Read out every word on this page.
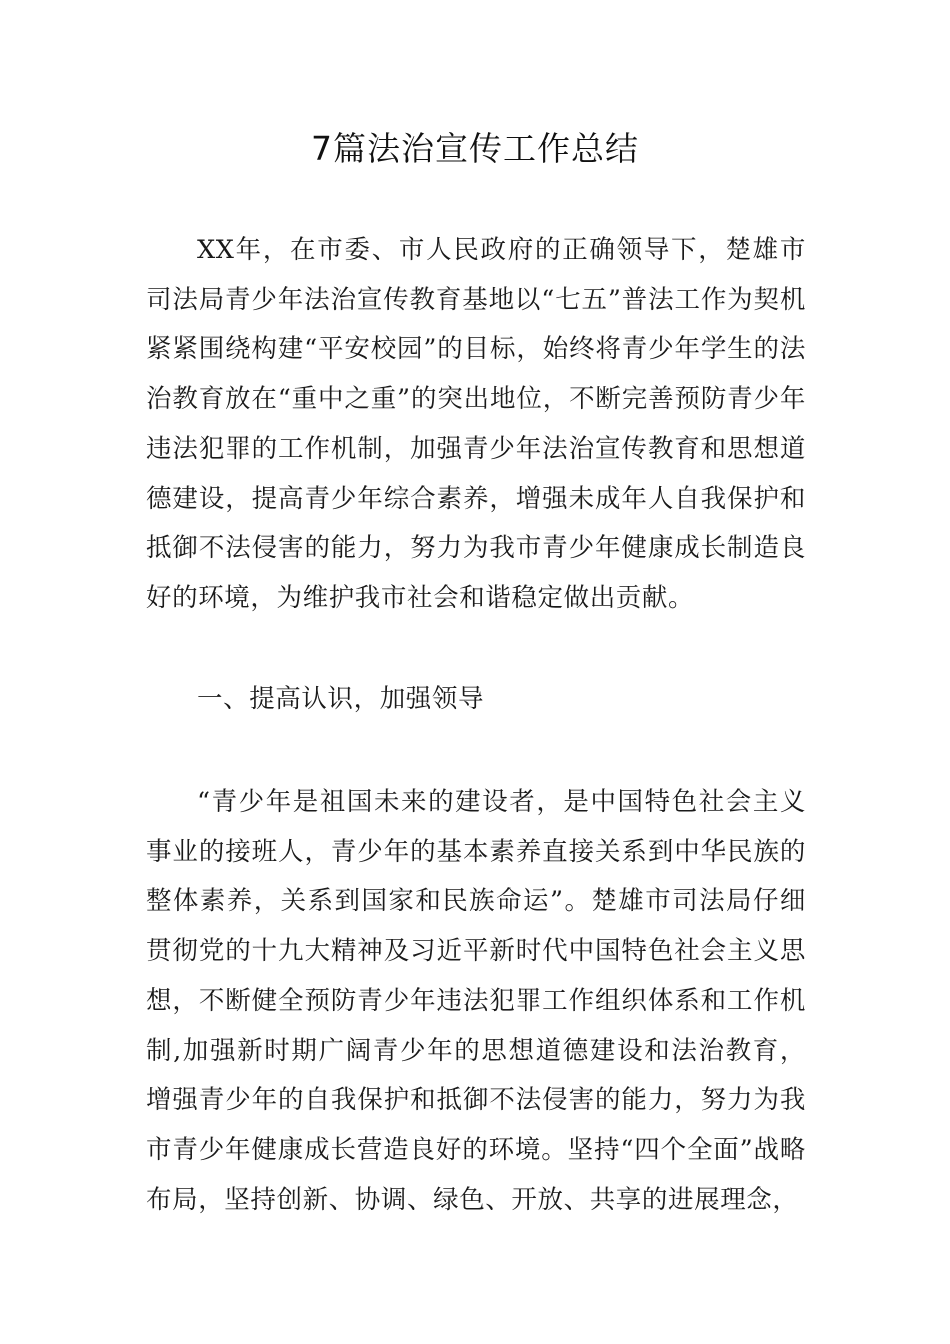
7篇法治宣传工作总结

XX年，在市委、市人民政府的正确领导下，楚雄市司法局青少年法治宣传教育基地以“七五”普法工作为契机紧紧围绕构建“平安校园”的目标，始终将青少年学生的法治教育放在“重中之重”的突出地位，不断完善预防青少年违法犯罪的工作机制，加强青少年法治宣传教育和思想道德建设，提高青少年综合素养，增强未成年人自我保护和抵御不法侵害的能力，努力为我市青少年健康成长制造良好的环境，为维护我市社会和谐稳定做出贡献。

一、提高认识，加强领导

“青少年是祖国未来的建设者，是中国特色社会主义事业的接班人，青少年的基本素养直接关系到中华民族的整体素养，关系到国家和民族命运”。楚雄市司法局仔细贯彻党的十九大精神及习近平新时代中国特色社会主义思想，不断健全预防青少年违法犯罪工作组织体系和工作机制,加强新时期广阔青少年的思想道德建设和法治教育，增强青少年的自我保护和抵御不法侵害的能力，努力为我市青少年健康成长营造良好的环境。坚持“四个全面”战略布局，坚持创新、协调、绿色、开放、共享的进展理念，
